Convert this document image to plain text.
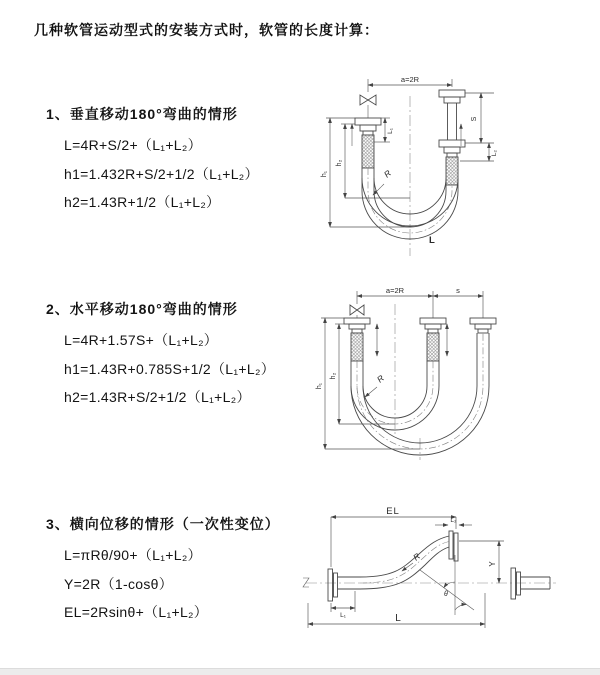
几种软管运动型式的安装方式时，软管的长度计算：
1、垂直移动180°弯曲的情形
L=4R+S/2+（L₁+L₂）
h1=1.432R+S/2+1/2（L₁+L₂）
h2=1.43R+1/2（L₁+L₂）
2、水平移动180°弯曲的情形
L=4R+1.57S+（L₁+L₂）
h1=1.43R+0.785S+1/2（L₁+L₂）
h2=1.43R+S/2+1/2（L₁+L₂）
3、横向位移的情形（一次性变位）
L=πRθ/90+（L₁+L₂）
Y=2R（1-cosθ）
EL=2Rsinθ+（L₁+L₂）
a=2R
h₁
h₂
L₁
S
L₂
R
L
a=2R	s
h₁
h₂	R
EL
L₂
Y
L
L₁
R
θ
